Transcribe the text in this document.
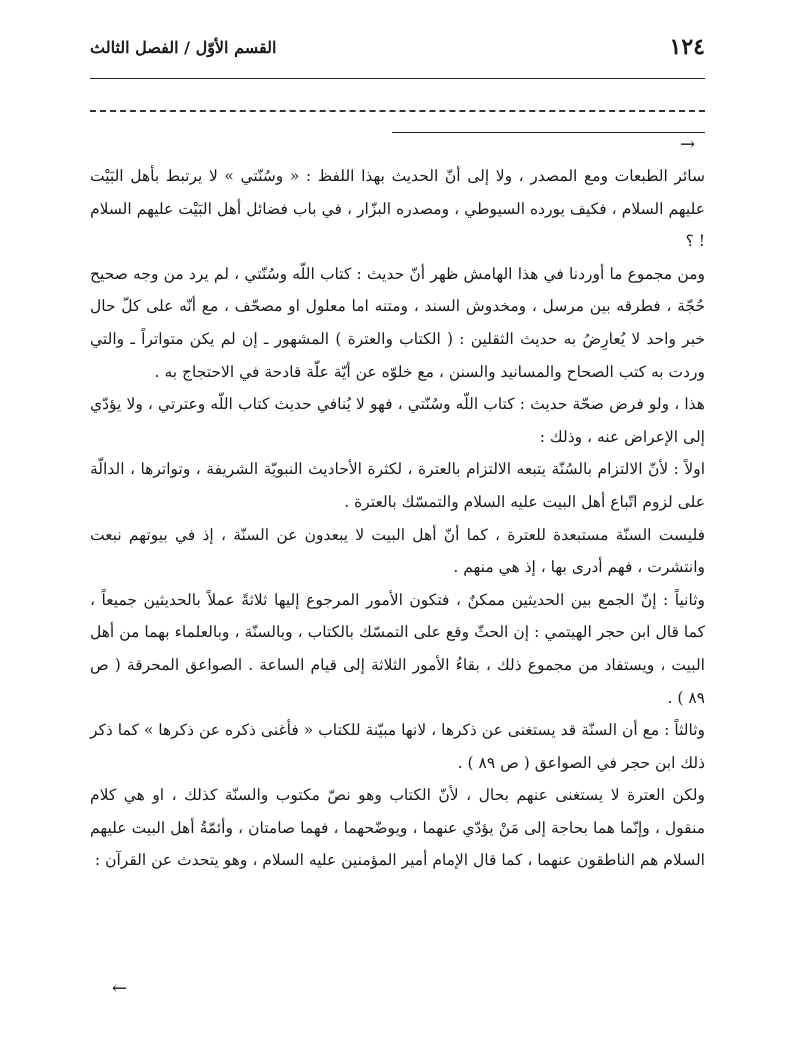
١٢٤
القسم الأوّل / الفصل الثالث
→

سائر الطبعات ومع المصدر ، ولا إلى أنّ الحديث بهذا اللفظ : « وسُنّتي » لا يرتبط بأهل البَيْت عليهم السلام ، فكيف يورده السيوطي ، ومصدره البزّار ، في باب فضائل أهل البَيْت عليهم السلام ! ؟

ومن مجموع ما أوردنا في هذا الهامش ظهر أنّ حديث : كتاب اللّه وسُنّتي ، لم يرد من وجه صحيح حُجّة ، فطرقه بين مرسل ، ومخدوش السند ، ومتنه اما معلول او مصحّف ، مع أنّه على كلّ حال خبر واحد لا يُعارِضُ به حديث الثقلين : ( الكتاب والعترة ) المشهور ـ إن لم يكن متواتراً ـ والتي وردت به كتب الصحاح والمسانيد والسنن ، مع خلوّه عن أيّة علّة قادحة في الاحتجاج به .

هذا ، ولو فرض صحّة حديث : كتاب اللّه وسُنّتي ، فهو لا يُنافي حديث كتاب اللّه وعترتي ، ولا يؤدّي إلى الإعراض عنه ، وذلك :

اولاً : لأنّ الالتزام بالسُنّة يتبعه الالتزام بالعترة ، لكثرة الأحاديث النبويّة الشريفة ، وتواترها ، الدالّة على لزوم اتّباع أهل البيت عليه السلام والتمسّك بالعترة .

فليست السنّة مستبعدة للعترة ، كما أنّ أهل البيت لا يبعدون عن السنّة ، إذ في بيوتهم نبعت وانتشرت ، فهم أدرى بها ، إذ هي منهم .

وثانياً : إنّ الجمع بين الحديثين ممكنٌ ، فتكون الأمور المرجوع إليها ثلاثةً عملاً بالحديثين جميعاً ، كما قال ابن حجر الهيتمي : إن الحثّ وقع على التمسّك بالكتاب ، وبالسنّة ، وبالعلماء بهما من أهل البيت ، ويستفاد من مجموع ذلك ، بقاءُ الأمور الثلاثة إلى قيام الساعة . الصواعق المحرقة ( ص ٨٩ ) .

وثالثاً : مع أن السنّة قد يستغنى عن ذكرها ، لانها مبيّنة للكتاب « فأغنى ذكره عن ذكرها » كما ذكر ذلك ابن حجر في الصواعق ( ص ٨٩ ) .

ولكن العترة لا يستغنى عنهم بحال ، لأنّ الكتاب وهو نصّ مكتوب والسنّة كذلك ، او هي كلام منقول ، وإنّما هما بحاجة إلى مَنْ يؤدّي عنهما ، ويوضّحهما ، فهما صامتان ، وأئمّةُ أهل البيت عليهم السلام هم الناطقون عنهما ، كما قال الإمام أمير المؤمنين عليه السلام ، وهو يتحدث عن القرآن :

←
